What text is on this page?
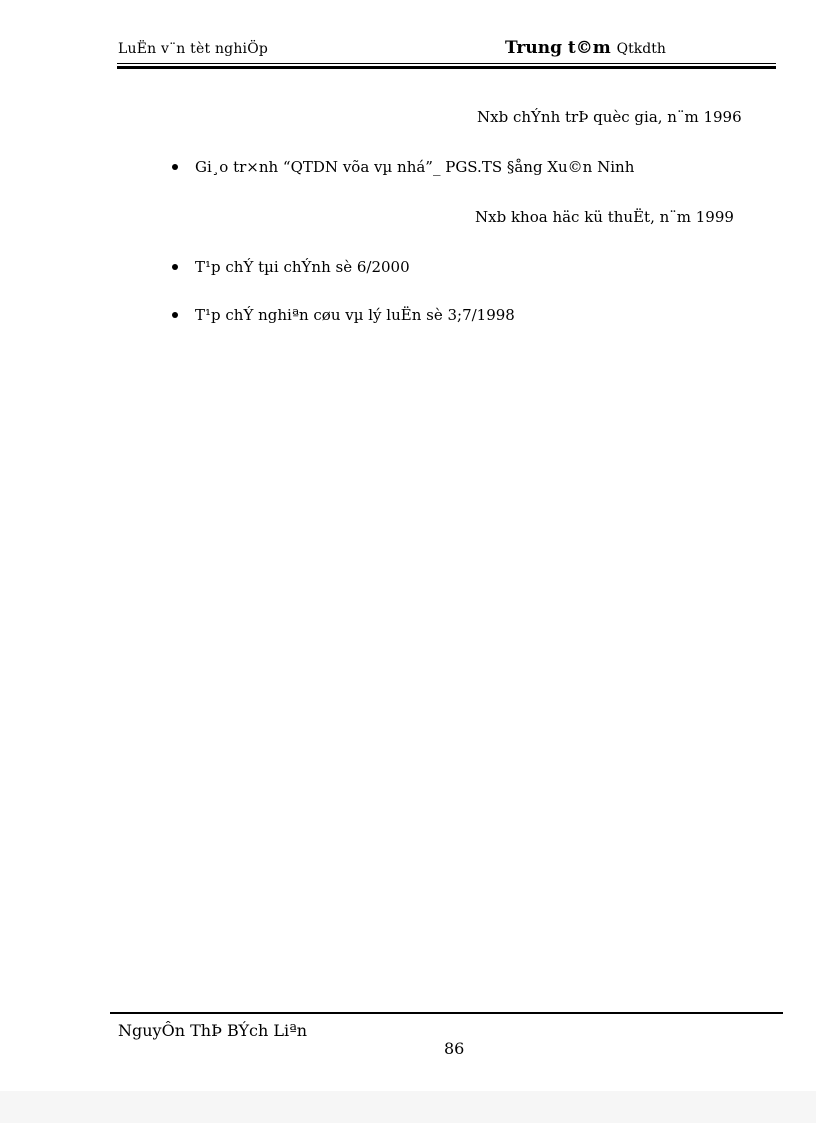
LuËn v¨n tèt nghiÖp	Trung t©m Qtkdth
Nxb chÝnh trÞ quèc gia, n¨m 1996
Gi¸o tr×nh “QTDN võa vµ nhá”_ PGS.TS §ång Xu©n Ninh
Nxb khoa häc kü thuËt, n¨m 1999
T¹p chÝ tµi chÝnh sè 6/2000
T¹p chÝ nghiªn cøu vµ lý luËn sè 3;7/1998
NguyÔn ThÞ BÝch Liªn
86
